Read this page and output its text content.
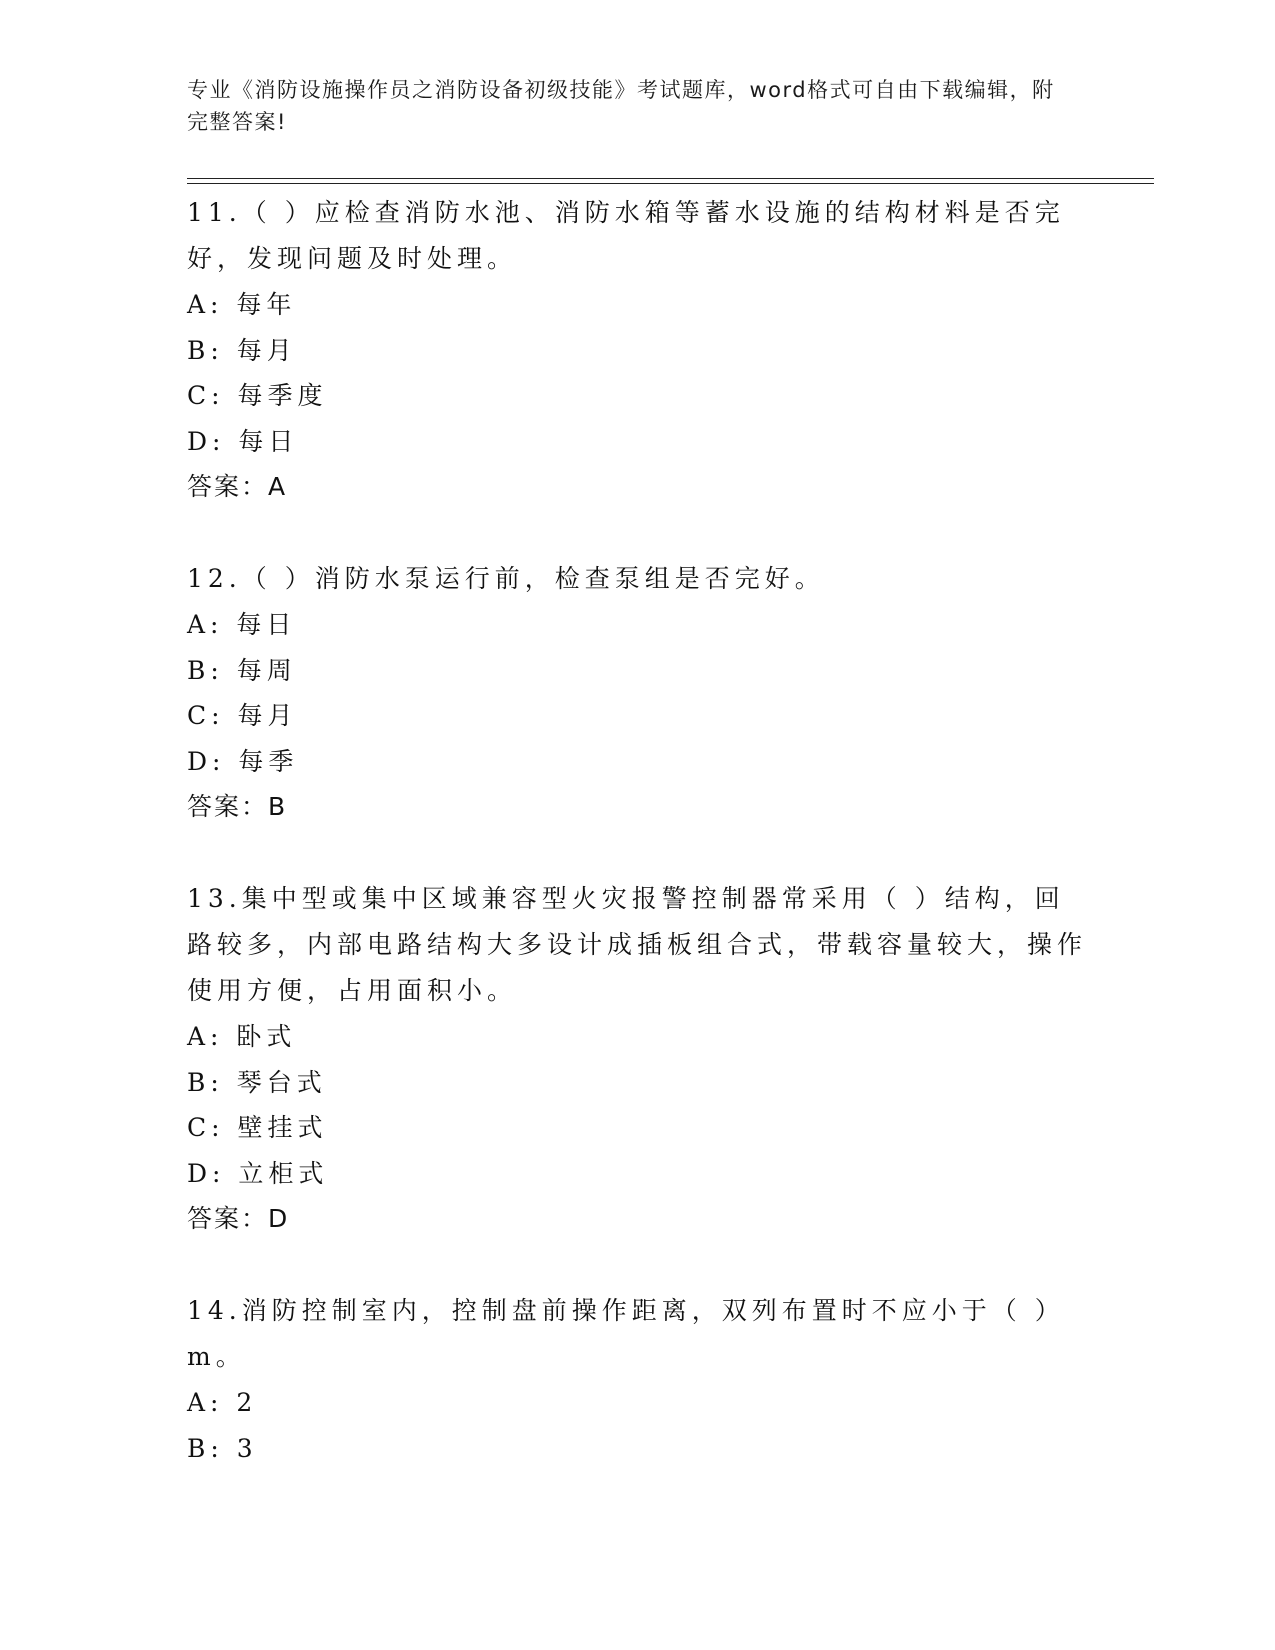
专业《消防设施操作员之消防设备初级技能》考试题库，word格式可自由下载编辑，附完整答案!

11.（ ）应检查消防水池、消防水箱等蓄水设施的结构材料是否完好，发现问题及时处理。

A: 每年

B: 每月

C: 每季度

D: 每日

答案：A

12.（ ）消防水泵运行前，检查泵组是否完好。

A: 每日

B: 每周

C: 每月

D: 每季

答案：B

13.集中型或集中区域兼容型火灾报警控制器常采用（ ）结构，回路较多，内部电路结构大多设计成插板组合式，带载容量较大，操作使用方便，占用面积小。

A: 卧式

B: 琴台式

C: 壁挂式

D: 立柜式

答案：D

14.消防控制室内，控制盘前操作距离，双列布置时不应小于（ ）m。

A: 2

B: 3
